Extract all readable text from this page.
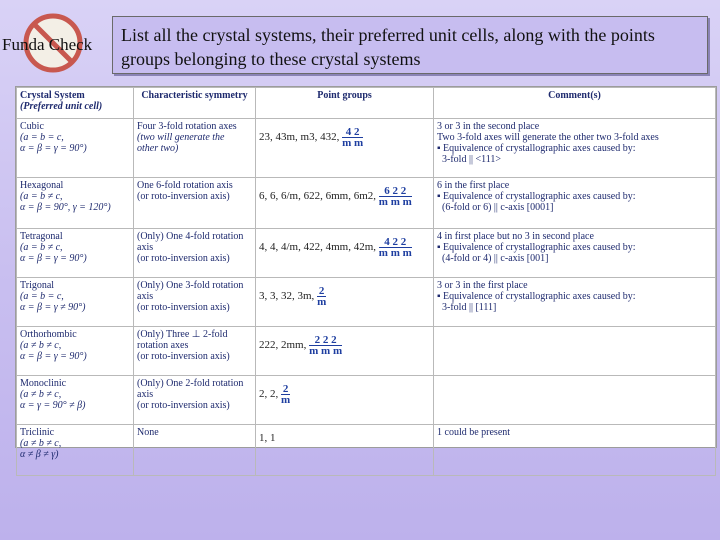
Funda Check List all the crystal systems, their preferred unit cells, along with the points groups belonging to these crystal systems
Crystal System
(Preferred unit cell)	Characteristic symmetry	Point groups	Comment(s)
Cubic
(a = b = c,
α = β = γ = 90°)	Four 3-fold rotation axes
(two will generate the
other two)	23, 43m, m3, 432, $\frac{4 2}{\text{m m}}$	3 or 3 in the second place
Two 3-fold axes will generate the other two 3-fold axes
▪ Equivalence of crystallographic axes caused by:
3-fold || <111>
Hexagonal
(a = b ≠ c,
α = β = 90°, γ = 120°)	One 6-fold rotation axis
(or roto-inversion axis)	6, 6, 6/m, 622, 6mm, 6m2, $\frac{6 2 2}{\text{m m m}}$	6 in the first place
▪ Equivalence of crystallographic axes caused by:
(6-fold or 6) || c-axis [0001]
Tetragonal
(a = b ≠ c,
α = β = γ = 90°)	(Only) One 4-fold rotation
axis
(or roto-inversion axis)	4, 4, 4/m, 422, 4mm, 42m, $\frac{4 2 2}{\text{m m m}}$	4 in first place but no 3 in second place
▪ Equivalence of crystallographic axes caused by:
(4-fold or 4) || c-axis [001]
Trigonal
(a = b = c,
α = β = γ ≠ 90°)	(Only) One 3-fold rotation
axis
(or roto-inversion axis)	3, 3, 32, 3m, $\frac{2}{m}$	3 or 3 in the first place
▪ Equivalence of crystallographic axes caused by:
3-fold || [111]
Orthorhombic
(a ≠ b ≠ c,
α = β = γ = 90°)	(Only) Three ⊥ 2-fold
rotation axes
(or roto-inversion axis)	222, 2mm, $\frac{2 2 2}{\text{m m m}}$

Monoclinic
(a ≠ b ≠ c,
α = γ = 90° ≠ β)	(Only) One 2-fold rotation
axis
(or roto-inversion axis)	2, 2, $\frac{2}{m}$

Triclinic
(a ≠ b ≠ c,
α ≠ β ≠ γ)	None	1, 1	1 could be present
